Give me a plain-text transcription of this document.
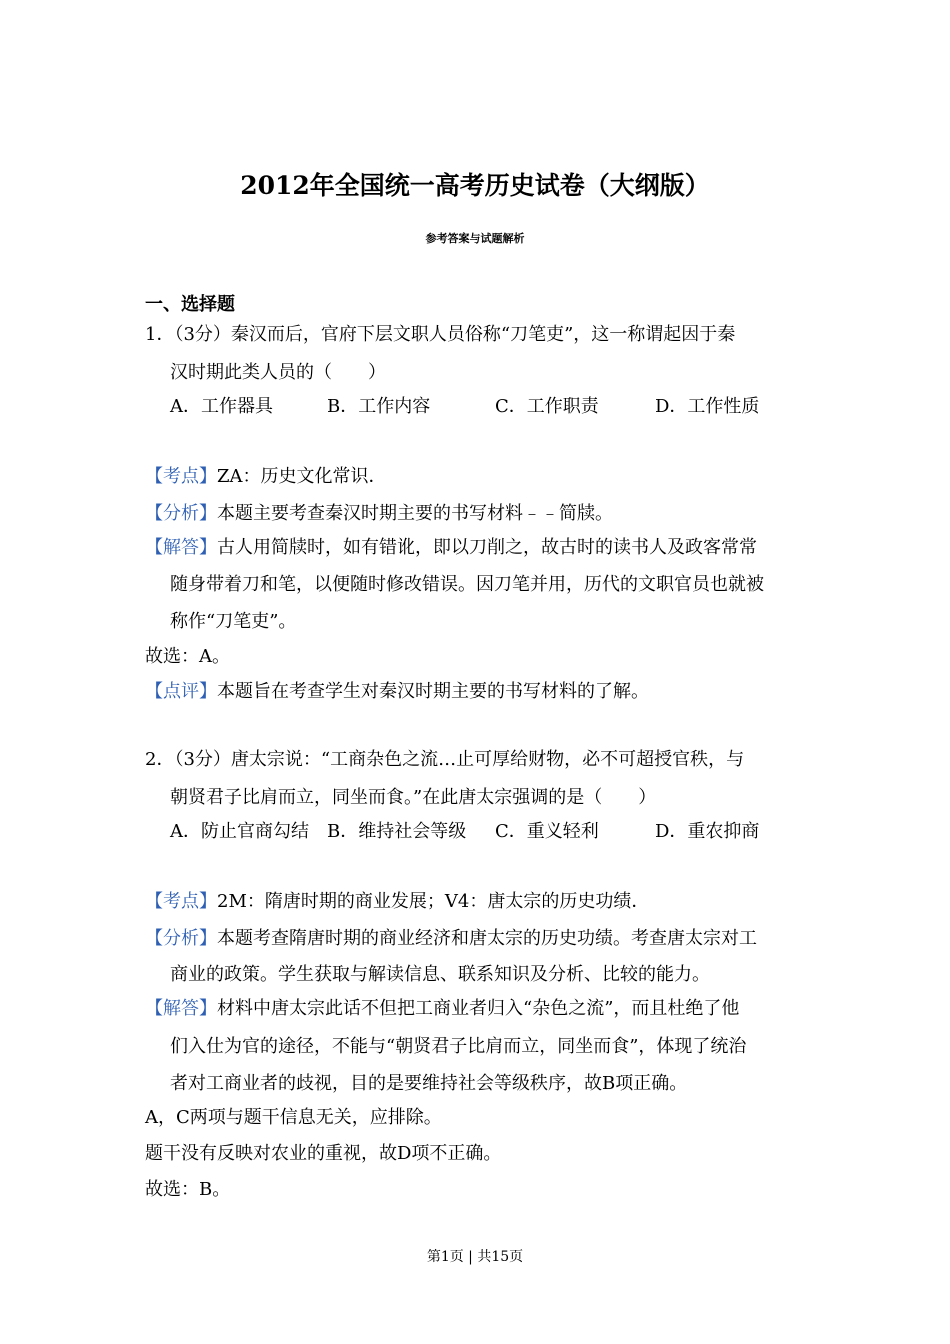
2012年全国统一高考历史试卷（大纲版）
参考答案与试题解析
一、选择题
1．（3分）秦汉而后，官府下层文职人员俗称“刀笔吏”，这一称谓起因于秦
汉时期此类人员的（　　）
A．工作器具	B．工作内容	C．工作职责	D．工作性质
【考点】ZA：历史文化常识．
【分析】本题主要考查秦汉时期主要的书写材料﹣﹣简牍。
【解答】古人用简牍时，如有错讹，即以刀削之，故古时的读书人及政客常常
随身带着刀和笔，以便随时修改错误。因刀笔并用，历代的文职官员也就被
称作“刀笔吏”。
故选：A。
【点评】本题旨在考查学生对秦汉时期主要的书写材料的了解。
2．（3分）唐太宗说：“工商杂色之流…止可厚给财物，必不可超授官秩，与
朝贤君子比肩而立，同坐而食。”在此唐太宗强调的是（　　）
A．防止官商勾结 B．维持社会等级 C．重义轻利	D．重农抑商
【考点】2M：隋唐时期的商业发展；V4：唐太宗的历史功绩．
【分析】本题考查隋唐时期的商业经济和唐太宗的历史功绩。考查唐太宗对工
商业的政策。学生获取与解读信息、联系知识及分析、比较的能力。
【解答】材料中唐太宗此话不但把工商业者归入“杂色之流”，而且杜绝了他
们入仕为官的途径，不能与“朝贤君子比肩而立，同坐而食”，体现了统治
者对工商业者的歧视，目的是要维持社会等级秩序，故B项正确。
A，C两项与题干信息无关，应排除。
题干没有反映对农业的重视，故D项不正确。
故选：B。
第1页 | 共15页
